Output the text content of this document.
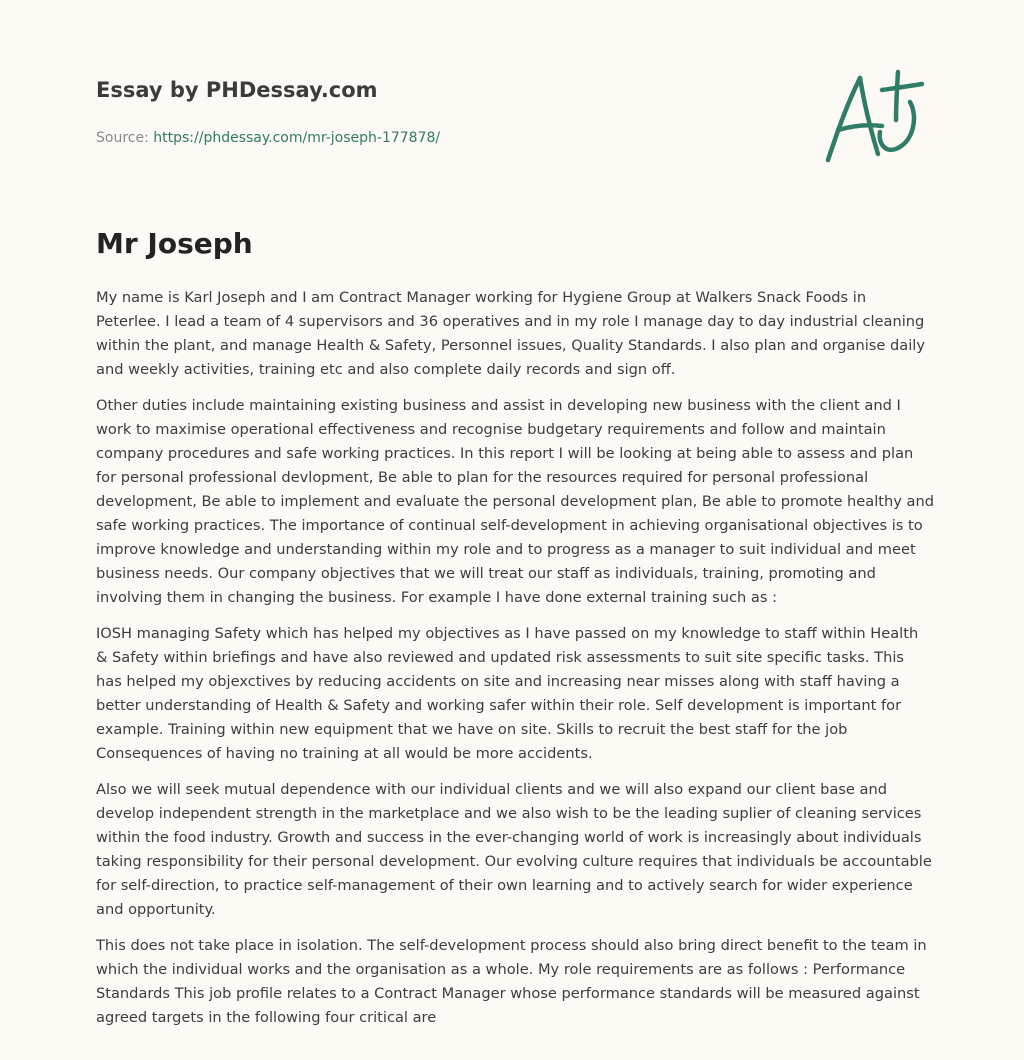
Essay by PHDessay.com
Source: https://phdessay.com/mr-joseph-177878/
Mr Joseph

My name is Karl Joseph and I am Contract Manager working for Hygiene Group at Walkers Snack Foods in Peterlee. I lead a team of 4 supervisors and 36 operatives and in my role I manage day to day industrial cleaning within the plant, and manage Health & Safety, Personnel issues, Quality Standards. I also plan and organise daily and weekly activities, training etc and also complete daily records and sign off.

Other duties include maintaining existing business and assist in developing new business with the client and I work to maximise operational effectiveness and recognise budgetary requirements and follow and maintain company procedures and safe working practices. In this report I will be looking at being able to assess and plan for personal professional devlopment, Be able to plan for the resources required for personal professional development, Be able to implement and evaluate the personal development plan, Be able to promote healthy and safe working practices. The importance of continual self-development in achieving organisational objectives is to improve knowledge and understanding within my role and to progress as a manager to suit individual and meet business needs. Our company objectives that we will treat our staff as individuals, training, promoting and involving them in changing the business. For example I have done external training such as :

IOSH managing Safety which has helped my objectives as I have passed on my knowledge to staff within Health & Safety within briefings and have also reviewed and updated risk assessments to suit site specific tasks. This has helped my objexctives by reducing accidents on site and increasing near misses along with staff having a better understanding of Health & Safety and working safer within their role. Self development is important for example. Training within new equipment that we have on site. Skills to recruit the best staff for the job Consequences of having no training at all would be more accidents.

Also we will seek mutual dependence with our individual clients and we will also expand our client base and develop independent strength in the marketplace and we also wish to be the leading suplier of cleaning services within the food industry. Growth and success in the ever-changing world of work is increasingly about individuals taking responsibility for their personal development. Our evolving culture requires that individuals be accountable for self-direction, to practice self-management of their own learning and to actively search for wider experience and opportunity.

This does not take place in isolation. The self-development process should also bring direct benefit to the team in which the individual works and the organisation as a whole. My role requirements are as follows : Performance Standards This job profile relates to a Contract Manager whose performance standards will be measured against agreed targets in the following four critical are
